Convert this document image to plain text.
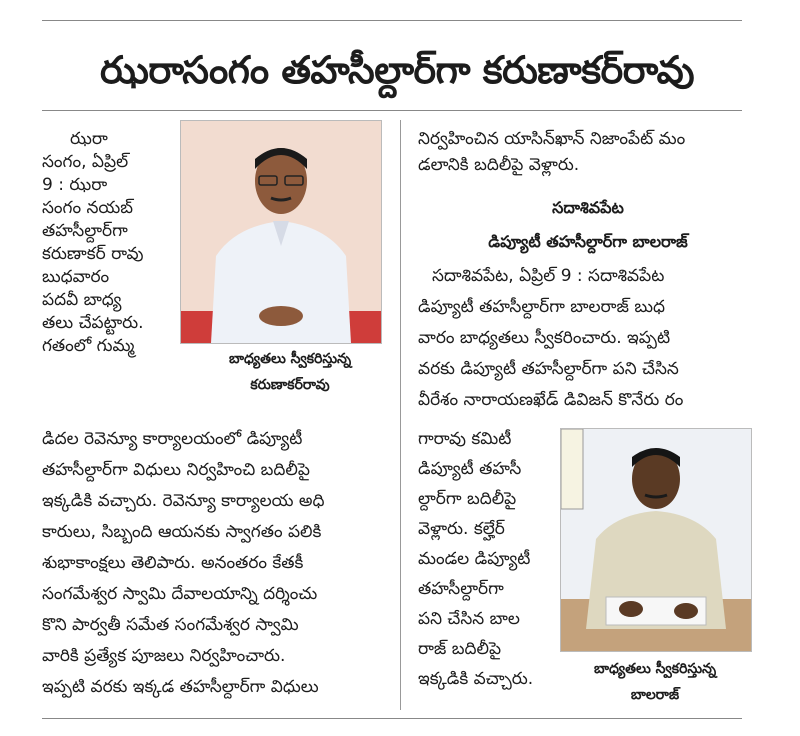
ఝరాసంగం తహసీల్దార్‌గా కరుణాకర్‌రావు
ఝరా
సంగం, ఏప్రిల్
9 : ఝరా
సంగం నయబ్
తహసీల్దార్‌గా
కరుణాకర్ రావు
బుధవారం
పదవీ బాధ్య
తలు చేపట్టారు.
గతంలో గుమ్మ
బాధ్యతలు స్వీకరిస్తున్న
కరుణాకర్‌రావు
డిదల రెవెన్యూ కార్యాలయంలో డిప్యూటీ
తహసీల్దార్‌గా విధులు నిర్వహించి బదిలీపై
ఇక్కడికి వచ్చారు. రెవెన్యూ కార్యాలయ అధి
కారులు, సిబ్బంది ఆయనకు స్వాగతం పలికి
శుభాకాంక్షలు తెలిపారు. అనంతరం కేతకీ
సంగమేశ్వర స్వామి దేవాలయాన్ని దర్శించు
కొని పార్వతీ సమేత సంగమేశ్వర స్వామి
వారికి ప్రత్యేక పూజలు నిర్వహించారు.
ఇప్పటి వరకు ఇక్కడ తహసీల్దార్‌గా విధులు
నిర్వహించిన యాసిన్‌ఖాన్ నిజాంపేట్ మం
డలానికి బదిలీపై వెళ్లారు.
సదాశివపేట
డిప్యూటీ తహసీల్దార్‌గా బాలరాజ్
సదాశివపేట, ఏప్రిల్ 9 : సదాశివపేట
డిప్యూటీ తహసీల్దార్‌గా బాలరాజ్ బుధ
వారం బాధ్యతలు స్వీకరించారు. ఇప్పటి
వరకు డిప్యూటీ తహసీల్దార్‌గా పని చేసిన
వీరేశం నారాయణఖేడ్ డివిజన్ కొనేరు రం
గారావు కమిటీ
డిప్యూటీ తహసీ
ల్దార్‌గా బదిలీపై
వెళ్లారు. కల్హేర్
మండల డిప్యూటీ
తహసీల్దార్‌గా
పని చేసిన బాల
రాజ్ బదిలీపై
ఇక్కడికి వచ్చారు.	బాధ్యతలు స్వీకరిస్తున్న
బాలరాజ్
